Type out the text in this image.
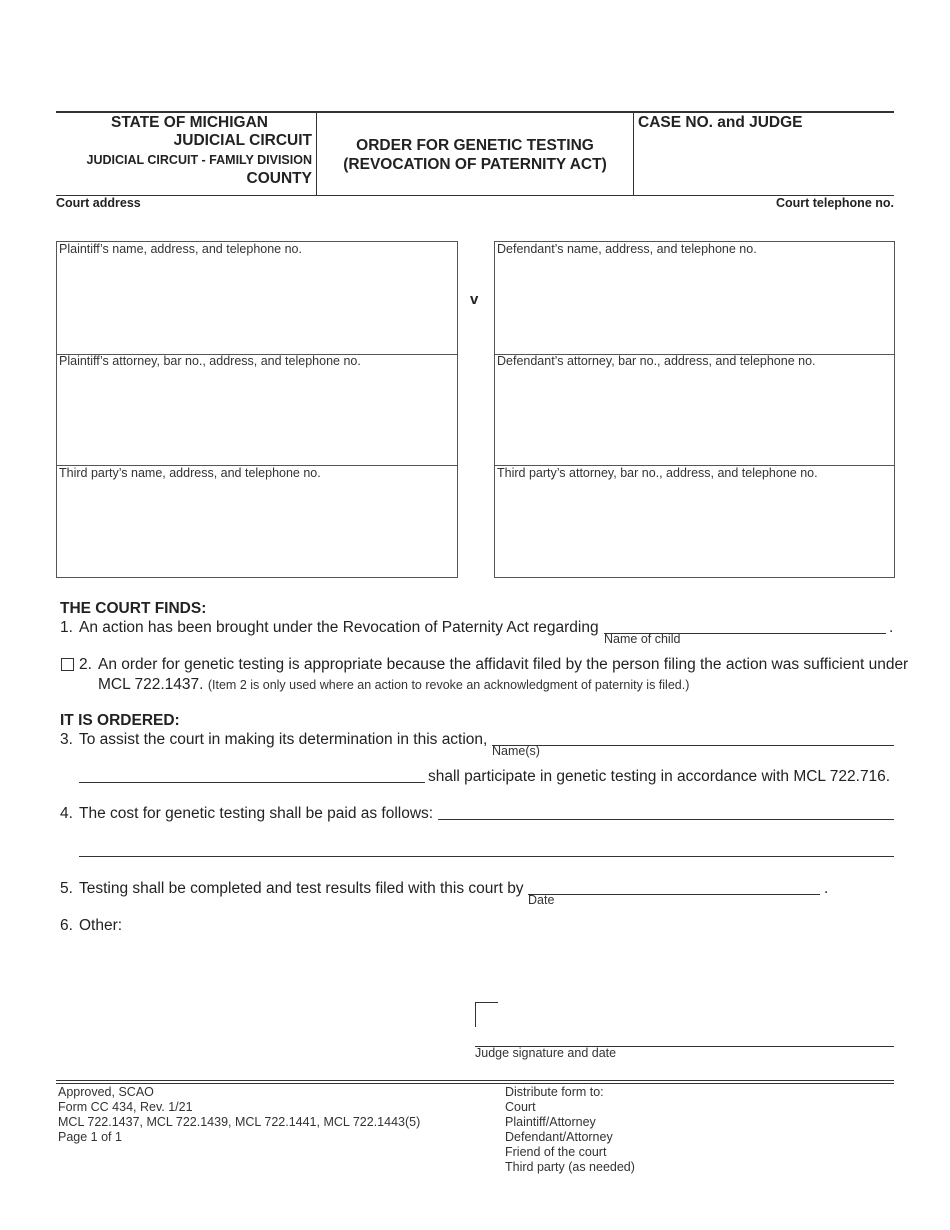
STATE OF MICHIGAN
JUDICIAL CIRCUIT
JUDICIAL CIRCUIT - FAMILY DIVISION
COUNTY
ORDER FOR GENETIC TESTING
(REVOCATION OF PATERNITY ACT)
CASE NO. and JUDGE
Court address	Court telephone no.
Plaintiff’s name, address, and telephone no.
Plaintiff’s attorney, bar no., address, and telephone no.
Third party’s name, address, and telephone no.
v
Defendant’s name, address, and telephone no.
Defendant’s attorney, bar no., address, and telephone no.
Third party’s attorney, bar no., address, and telephone no.
THE COURT FINDS:
1. An action has been brought under the Revocation of Paternity Act regarding
Name of child
.
2. An order for genetic testing is appropriate because the affidavit filed by the person filing the action was sufficient under
MCL 722.1437. (Item 2 is only used where an action to revoke an acknowledgment of paternity is filed.)
IT IS ORDERED:
3. To assist the court in making its determination in this action,
Name(s)
shall participate in genetic testing in accordance with MCL 722.716.
4. The cost for genetic testing shall be paid as follows:
5. Testing shall be completed and test results filed with this court by
Date
.
6. Other:
Judge signature and date
Approved, SCAO
Form CC 434, Rev. 1/21
MCL 722.1437, MCL 722.1439, MCL 722.1441, MCL 722.1443(5)
Page 1 of 1
Distribute form to:
Court
Plaintiff/Attorney
Defendant/Attorney
Friend of the court
Third party (as needed)
